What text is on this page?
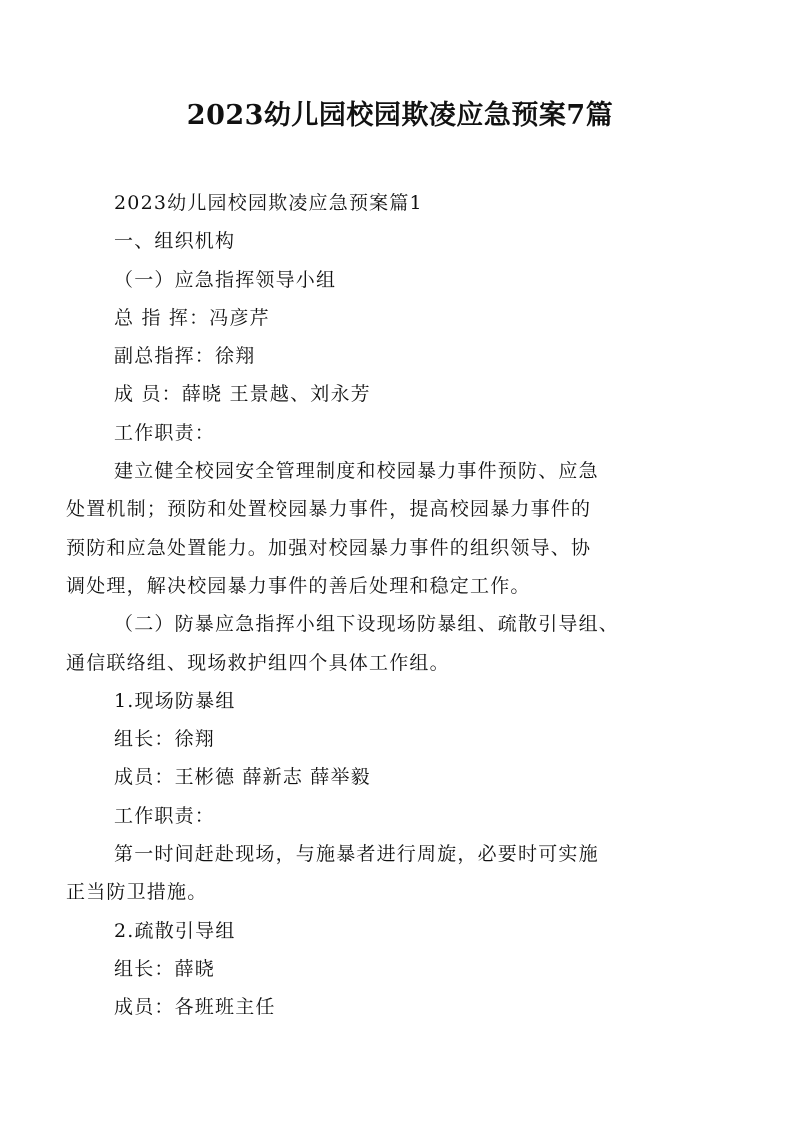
2023幼儿园校园欺凌应急预案7篇

2023幼儿园校园欺凌应急预案篇1

一、组织机构

（一）应急指挥领导小组

总 指 挥：冯彦芹

副总指挥：徐翔

成 员：薛晓 王景越、刘永芳

工作职责：

建立健全校园安全管理制度和校园暴力事件预防、应急

处置机制；预防和处置校园暴力事件，提高校园暴力事件的

预防和应急处置能力。加强对校园暴力事件的组织领导、协

调处理，解决校园暴力事件的善后处理和稳定工作。

（二）防暴应急指挥小组下设现场防暴组、疏散引导组、

通信联络组、现场救护组四个具体工作组。

1.现场防暴组

组长：徐翔

成员：王彬德 薛新志 薛举毅

工作职责：

第一时间赶赴现场，与施暴者进行周旋，必要时可实施

正当防卫措施。

2.疏散引导组

组长：薛晓

成员：各班班主任
